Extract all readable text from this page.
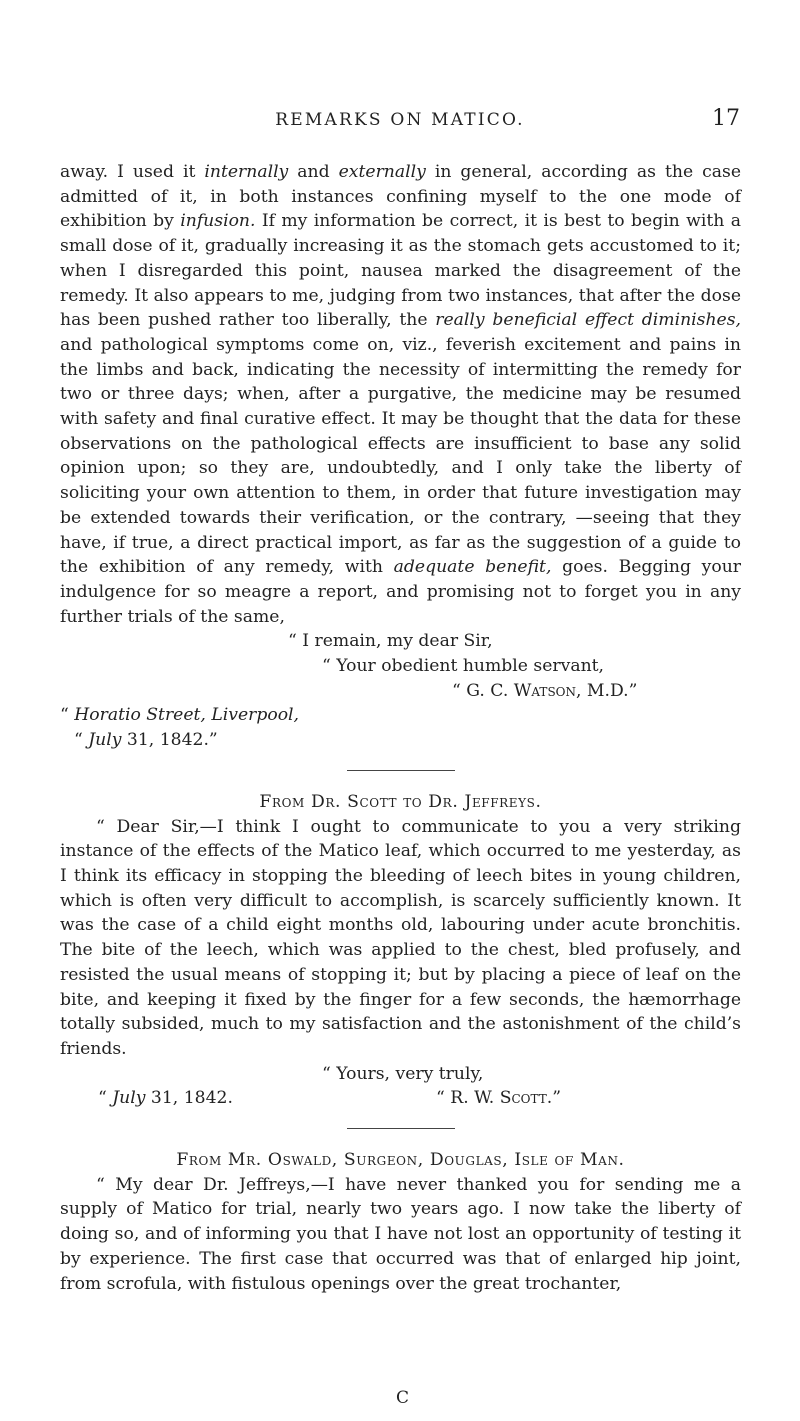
REMARKS ON MATICO.	17

away. I used it internally and externally in general, according as the case admitted of it, in both instances confining myself to the one mode of exhibition by infusion. If my information be correct, it is best to begin with a small dose of it, gradually increasing it as the stomach gets accustomed to it; when I disregarded this point, nausea marked the disagreement of the remedy. It also appears to me, judging from two instances, that after the dose has been pushed rather too liberally, the really beneficial effect diminishes, and pathological symptoms come on, viz., feverish excitement and pains in the limbs and back, indicating the necessity of intermitting the remedy for two or three days; when, after a purgative, the medicine may be resumed with safety and final curative effect. It may be thought that the data for these observations on the pathological effects are insufficient to base any solid opinion upon; so they are, undoubtedly, and I only take the liberty of soliciting your own attention to them, in order that future investigation may be extended towards their verification, or the contrary, —seeing that they have, if true, a direct practical import, as far as the suggestion of a guide to the exhibition of any remedy, with adequate benefit, goes. Begging your indulgence for so meagre a report, and promising not to forget you in any further trials of the same,

“ I remain, my dear Sir,

“ Your obedient humble servant,

“ G. C. Watson, M.D.”

“ Horatio Street, Liverpool,

“ July 31, 1842.”

From Dr. Scott to Dr. Jeffreys.

“ Dear Sir,—I think I ought to communicate to you a very striking instance of the effects of the Matico leaf, which occurred to me yesterday, as I think its efficacy in stopping the bleeding of leech bites in young children, which is often very difficult to accomplish, is scarcely sufficiently known. It was the case of a child eight months old, labouring under acute bronchitis. The bite of the leech, which was applied to the chest, bled profusely, and resisted the usual means of stopping it; but by placing a piece of leaf on the bite, and keeping it fixed by the finger for a few seconds, the hæmorrhage totally subsided, much to my satisfaction and the astonishment of the child’s friends.

“ Yours, very truly,

“ July 31, 1842.	“ R. W. Scott.”

From Mr. Oswald, Surgeon, Douglas, Isle of Man.

“ My dear Dr. Jeffreys,—I have never thanked you for sending me a supply of Matico for trial, nearly two years ago. I now take the liberty of doing so, and of informing you that I have not lost an opportunity of testing it by experience. The first case that occurred was that of enlarged hip joint, from scrofula, with fistulous openings over the great trochanter,

C
